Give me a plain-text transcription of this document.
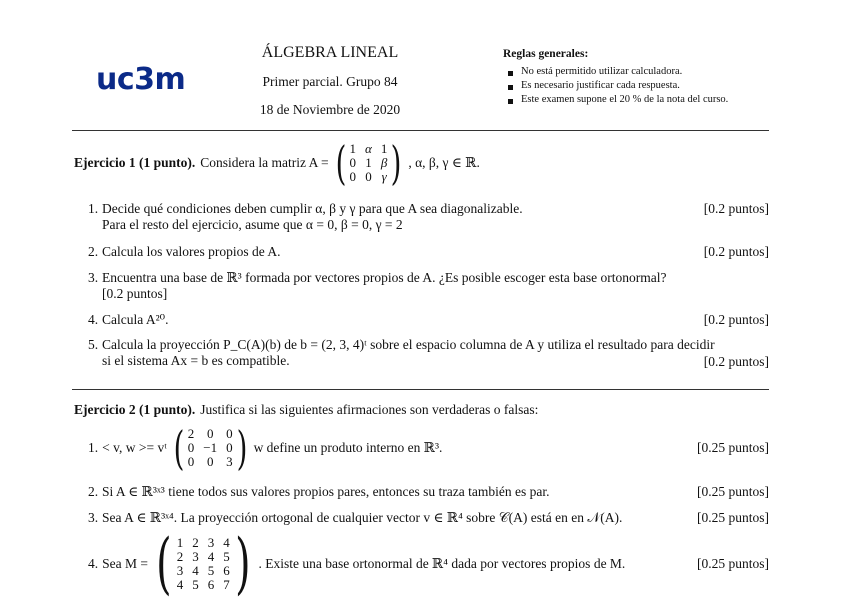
uc3m
ÁLGEBRA LINEAL
Primer parcial. Grupo 84
18 de Noviembre de 2020
Reglas generales:
No está permitido utilizar calculadora.
Es necesario justificar cada respuesta.
Este examen supone el 20 % de la nota del curso.
Ejercicio 1 (1 punto). Considera la matriz A = ( 1 α 1
0 1 β
0 0 γ ) , α, β, γ ∈ ℝ.
1. Decide qué condiciones deben cumplir α, β y γ para que A sea diagonalizable.
Para el resto del ejercicio, asume que α = 0, β = 0, γ = 2
[0.2 puntos]
2. Calcula los valores propios de A.	[0.2 puntos]
3. Encuentra una base de ℝ³ formada por vectores propios de A. ¿Es posible escoger esta base ortonormal?
[0.2 puntos]
4. Calcula A²⁰.	[0.2 puntos]
5. Calcula la proyección P_C(A)(b) de b = (2, 3, 4)ᵗ sobre el espacio columna de A y utiliza el resultado para decidir
si el sistema Ax = b es compatible.	[0.2 puntos]
Ejercicio 2 (1 punto). Justifica si las siguientes afirmaciones son verdaderas o falsas:
1. < v, w >= vᵗ ( 2 0 0
0 −1 0
0 0 3 ) w define un produto interno en ℝ³.	[0.25 puntos]
2. Si A ∈ ℝ³ˣ³ tiene todos sus valores propios pares, entonces su traza también es par.	[0.25 puntos]
3. Sea A ∈ ℝ³ˣ⁴. La proyección ortogonal de cualquier vector v ∈ ℝ⁴ sobre 𝒞(A) está en en 𝒩(A).	[0.25 puntos]
4. Sea M = ( 1 2 3 4
2 3 4 5
3 4 5 6
4 5 6 7 ) . Existe una base ortonormal de ℝ⁴ dada por vectores propios de M.	[0.25 puntos]
